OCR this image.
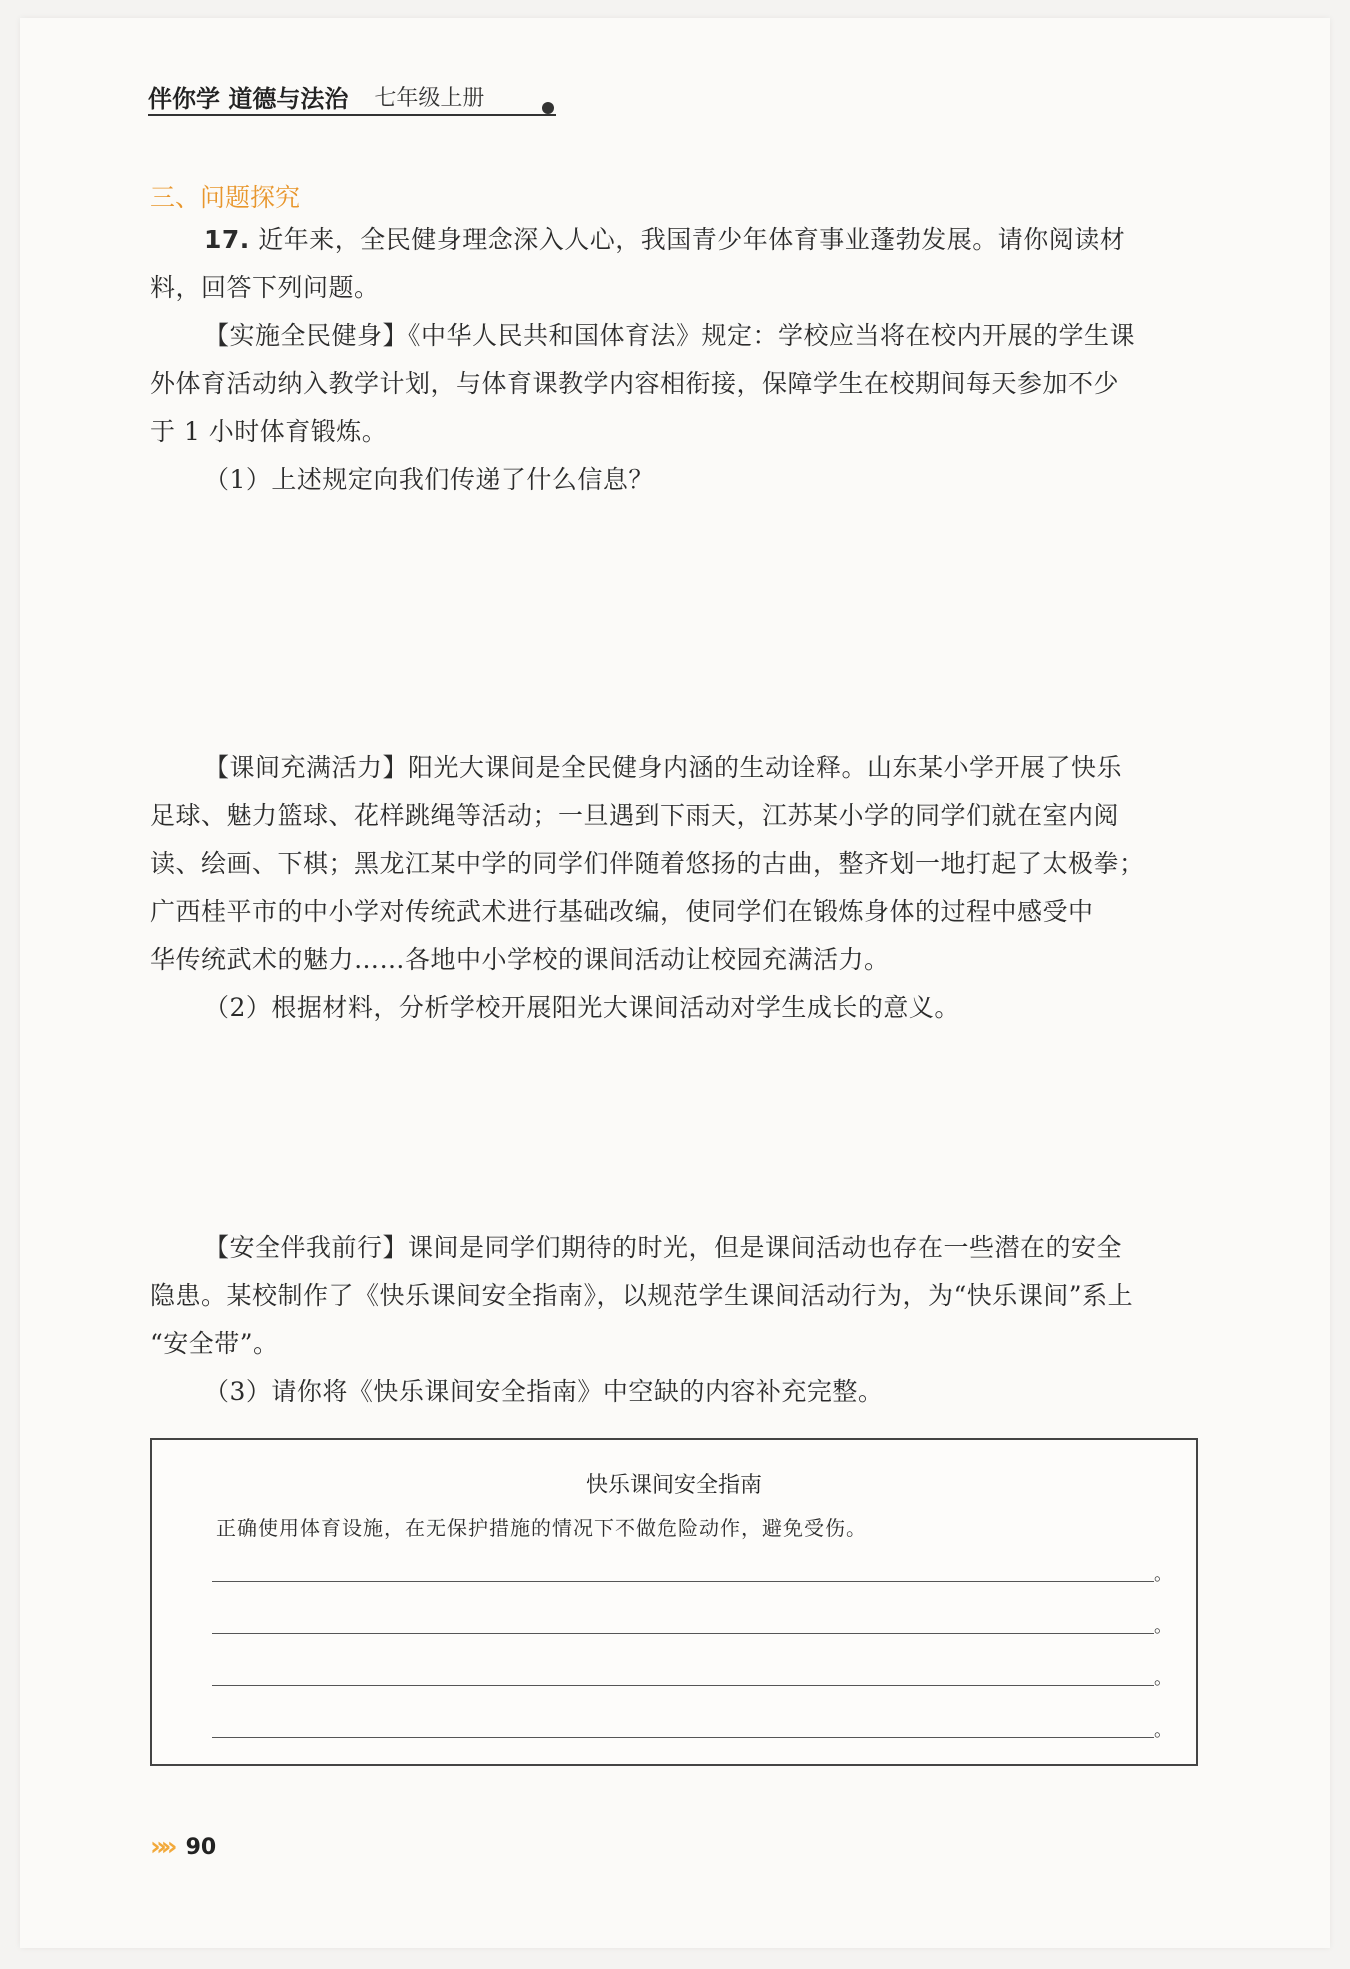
伴你学 道德与法治 七年级上册
三、问题探究
17. 近年来，全民健身理念深入人心，我国青少年体育事业蓬勃发展。请你阅读材
料，回答下列问题。
【实施全民健身】《中华人民共和国体育法》规定：学校应当将在校内开展的学生课
外体育活动纳入教学计划，与体育课教学内容相衔接，保障学生在校期间每天参加不少
于 1 小时体育锻炼。
（1）上述规定向我们传递了什么信息？
【课间充满活力】阳光大课间是全民健身内涵的生动诠释。山东某小学开展了快乐
足球、魅力篮球、花样跳绳等活动；一旦遇到下雨天，江苏某小学的同学们就在室内阅
读、绘画、下棋；黑龙江某中学的同学们伴随着悠扬的古曲，整齐划一地打起了太极拳；
广西桂平市的中小学对传统武术进行基础改编，使同学们在锻炼身体的过程中感受中
华传统武术的魅力……各地中小学校的课间活动让校园充满活力。
（2）根据材料，分析学校开展阳光大课间活动对学生成长的意义。
【安全伴我前行】课间是同学们期待的时光，但是课间活动也存在一些潜在的安全
隐患。某校制作了《快乐课间安全指南》，以规范学生课间活动行为，为“快乐课间”系上
“安全带”。
（3）请你将《快乐课间安全指南》中空缺的内容补充完整。
快乐课间安全指南
正确使用体育设施，在无保护措施的情况下不做危险动作，避免受伤。
。
。
。
。
»» 90
